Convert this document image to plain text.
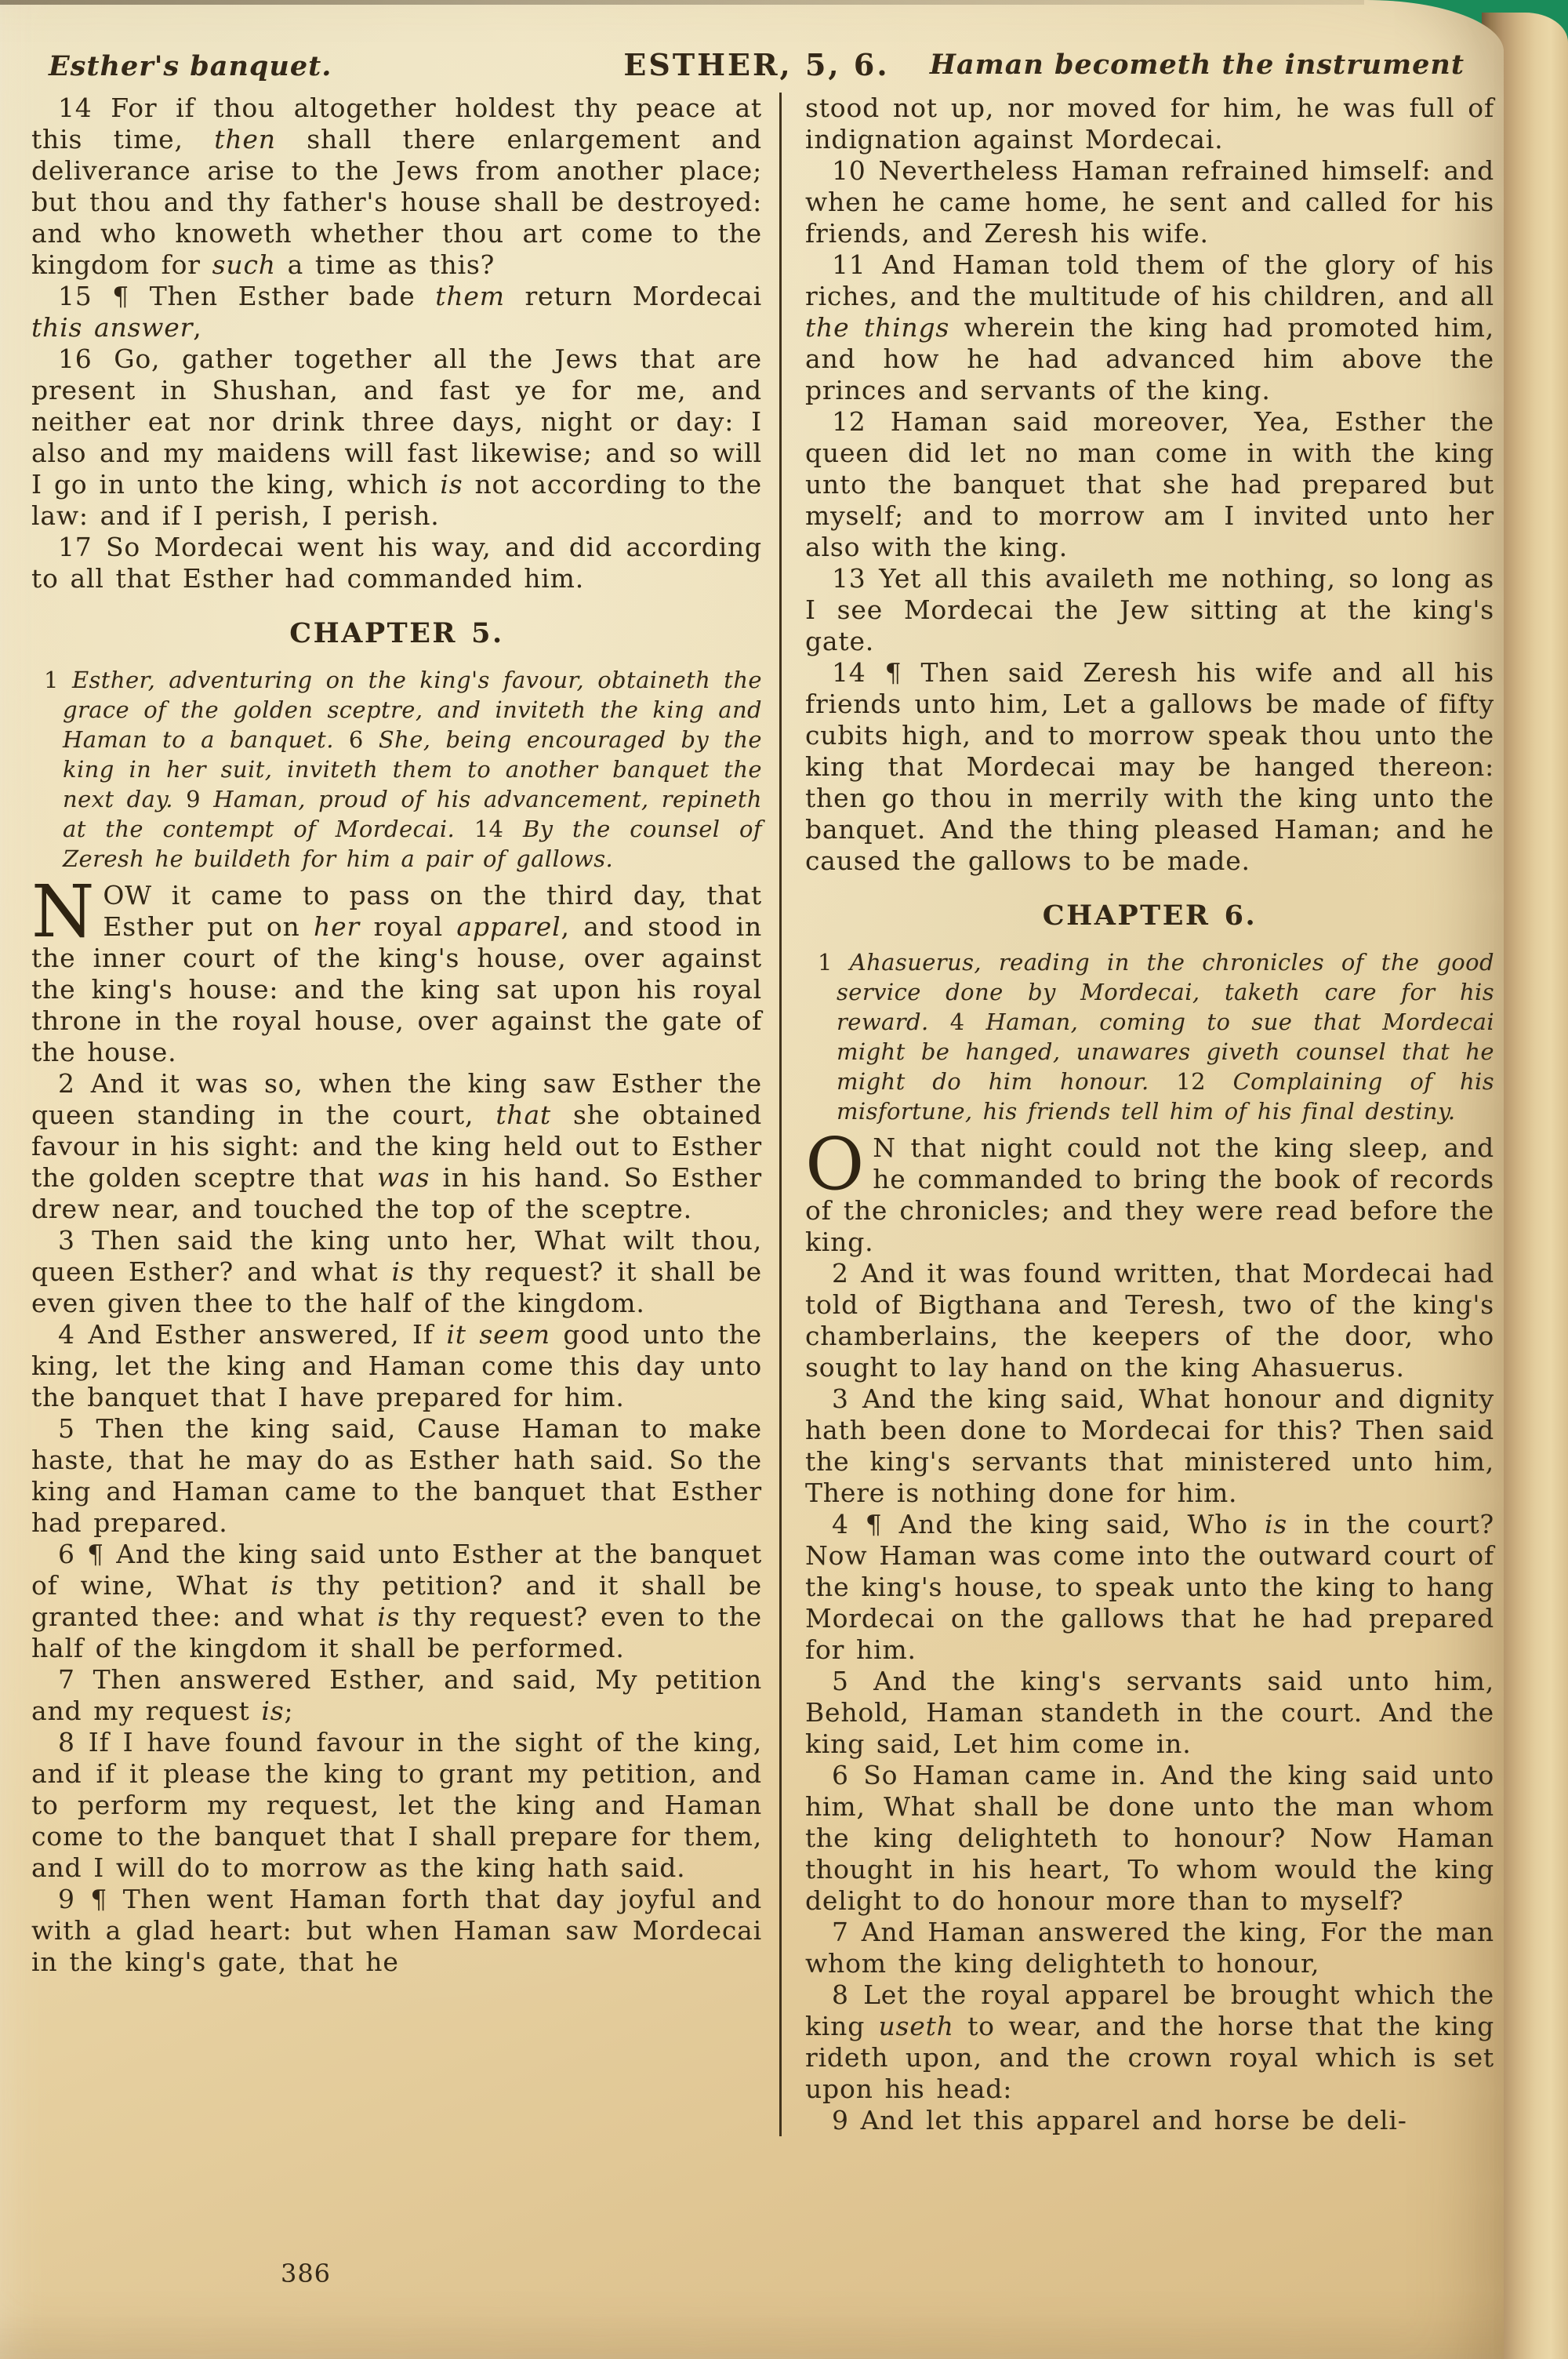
Esther's banquet.	ESTHER, 5, 6.	Haman becometh the instrument

14 For if thou altogether holdest thy peace at this time, then shall there enlargement and deliverance arise to the Jews from another place; but thou and thy father's house shall be destroyed: and who knoweth whether thou art come to the kingdom for such a time as this?

15 ¶ Then Esther bade them return Mordecai this answer,

16 Go, gather together all the Jews that are present in Shushan, and fast ye for me, and neither eat nor drink three days, night or day: I also and my maidens will fast likewise; and so will I go in unto the king, which is not according to the law: and if I perish, I perish.

17 So Mordecai went his way, and did according to all that Esther had commanded him.

CHAPTER 5.

1 Esther, adventuring on the king's favour, obtaineth the grace of the golden sceptre, and inviteth the king and Haman to a banquet. 6 She, being encouraged by the king in her suit, inviteth them to another banquet the next day. 9 Haman, proud of his advancement, repineth at the contempt of Mordecai. 14 By the counsel of Zeresh he buildeth for him a pair of gallows.

NOW it came to pass on the third day, that Esther put on her royal apparel, and stood in the inner court of the king's house, over against the king's house: and the king sat upon his royal throne in the royal house, over against the gate of the house.

2 And it was so, when the king saw Esther the queen standing in the court, that she obtained favour in his sight: and the king held out to Esther the golden sceptre that was in his hand. So Esther drew near, and touched the top of the sceptre.

3 Then said the king unto her, What wilt thou, queen Esther? and what is thy request? it shall be even given thee to the half of the kingdom.

4 And Esther answered, If it seem good unto the king, let the king and Haman come this day unto the banquet that I have prepared for him.

5 Then the king said, Cause Haman to make haste, that he may do as Esther hath said. So the king and Haman came to the banquet that Esther had prepared.

6 ¶ And the king said unto Esther at the banquet of wine, What is thy petition? and it shall be granted thee: and what is thy request? even to the half of the kingdom it shall be performed.

7 Then answered Esther, and said, My petition and my request is;

8 If I have found favour in the sight of the king, and if it please the king to grant my petition, and to perform my request, let the king and Haman come to the banquet that I shall prepare for them, and I will do to morrow as the king hath said.

9 ¶ Then went Haman forth that day joyful and with a glad heart: but when Haman saw Mordecai in the king's gate, that he

stood not up, nor moved for him, he was full of indignation against Mordecai.

10 Nevertheless Haman refrained himself: and when he came home, he sent and called for his friends, and Zeresh his wife.

11 And Haman told them of the glory of his riches, and the multitude of his children, and all the things wherein the king had promoted him, and how he had advanced him above the princes and servants of the king.

12 Haman said moreover, Yea, Esther the queen did let no man come in with the king unto the banquet that she had prepared but myself; and to morrow am I invited unto her also with the king.

13 Yet all this availeth me nothing, so long as I see Mordecai the Jew sitting at the king's gate.

14 ¶ Then said Zeresh his wife and all his friends unto him, Let a gallows be made of fifty cubits high, and to morrow speak thou unto the king that Mordecai may be hanged thereon: then go thou in merrily with the king unto the banquet. And the thing pleased Haman; and he caused the gallows to be made.

CHAPTER 6.

1 Ahasuerus, reading in the chronicles of the good service done by Mordecai, taketh care for his reward. 4 Haman, coming to sue that Mordecai might be hanged, unawares giveth counsel that he might do him honour. 12 Complaining of his misfortune, his friends tell him of his final destiny.

O N that night could not the king sleep, and he commanded to bring the book of records of the chronicles; and they were read before the king.

2 And it was found written, that Mordecai had told of Bigthana and Teresh, two of the king's chamberlains, the keepers of the door, who sought to lay hand on the king Ahasuerus.

3 And the king said, What honour and dignity hath been done to Mordecai for this? Then said the king's servants that ministered unto him, There is nothing done for him.

4 ¶ And the king said, Who is in the court? Now Haman was come into the outward court of the king's house, to speak unto the king to hang Mordecai on the gallows that he had prepared for him.

5 And the king's servants said unto him, Behold, Haman standeth in the court. And the king said, Let him come in.

6 So Haman came in. And the king said unto him, What shall be done unto the man whom the king delighteth to honour? Now Haman thought in his heart, To whom would the king delight to do honour more than to myself?

7 And Haman answered the king, For the man whom the king delighteth to honour,

8 Let the royal apparel be brought which the king useth to wear, and the horse that the king rideth upon, and the crown royal which is set upon his head:

9 And let this apparel and horse be deli-

386
